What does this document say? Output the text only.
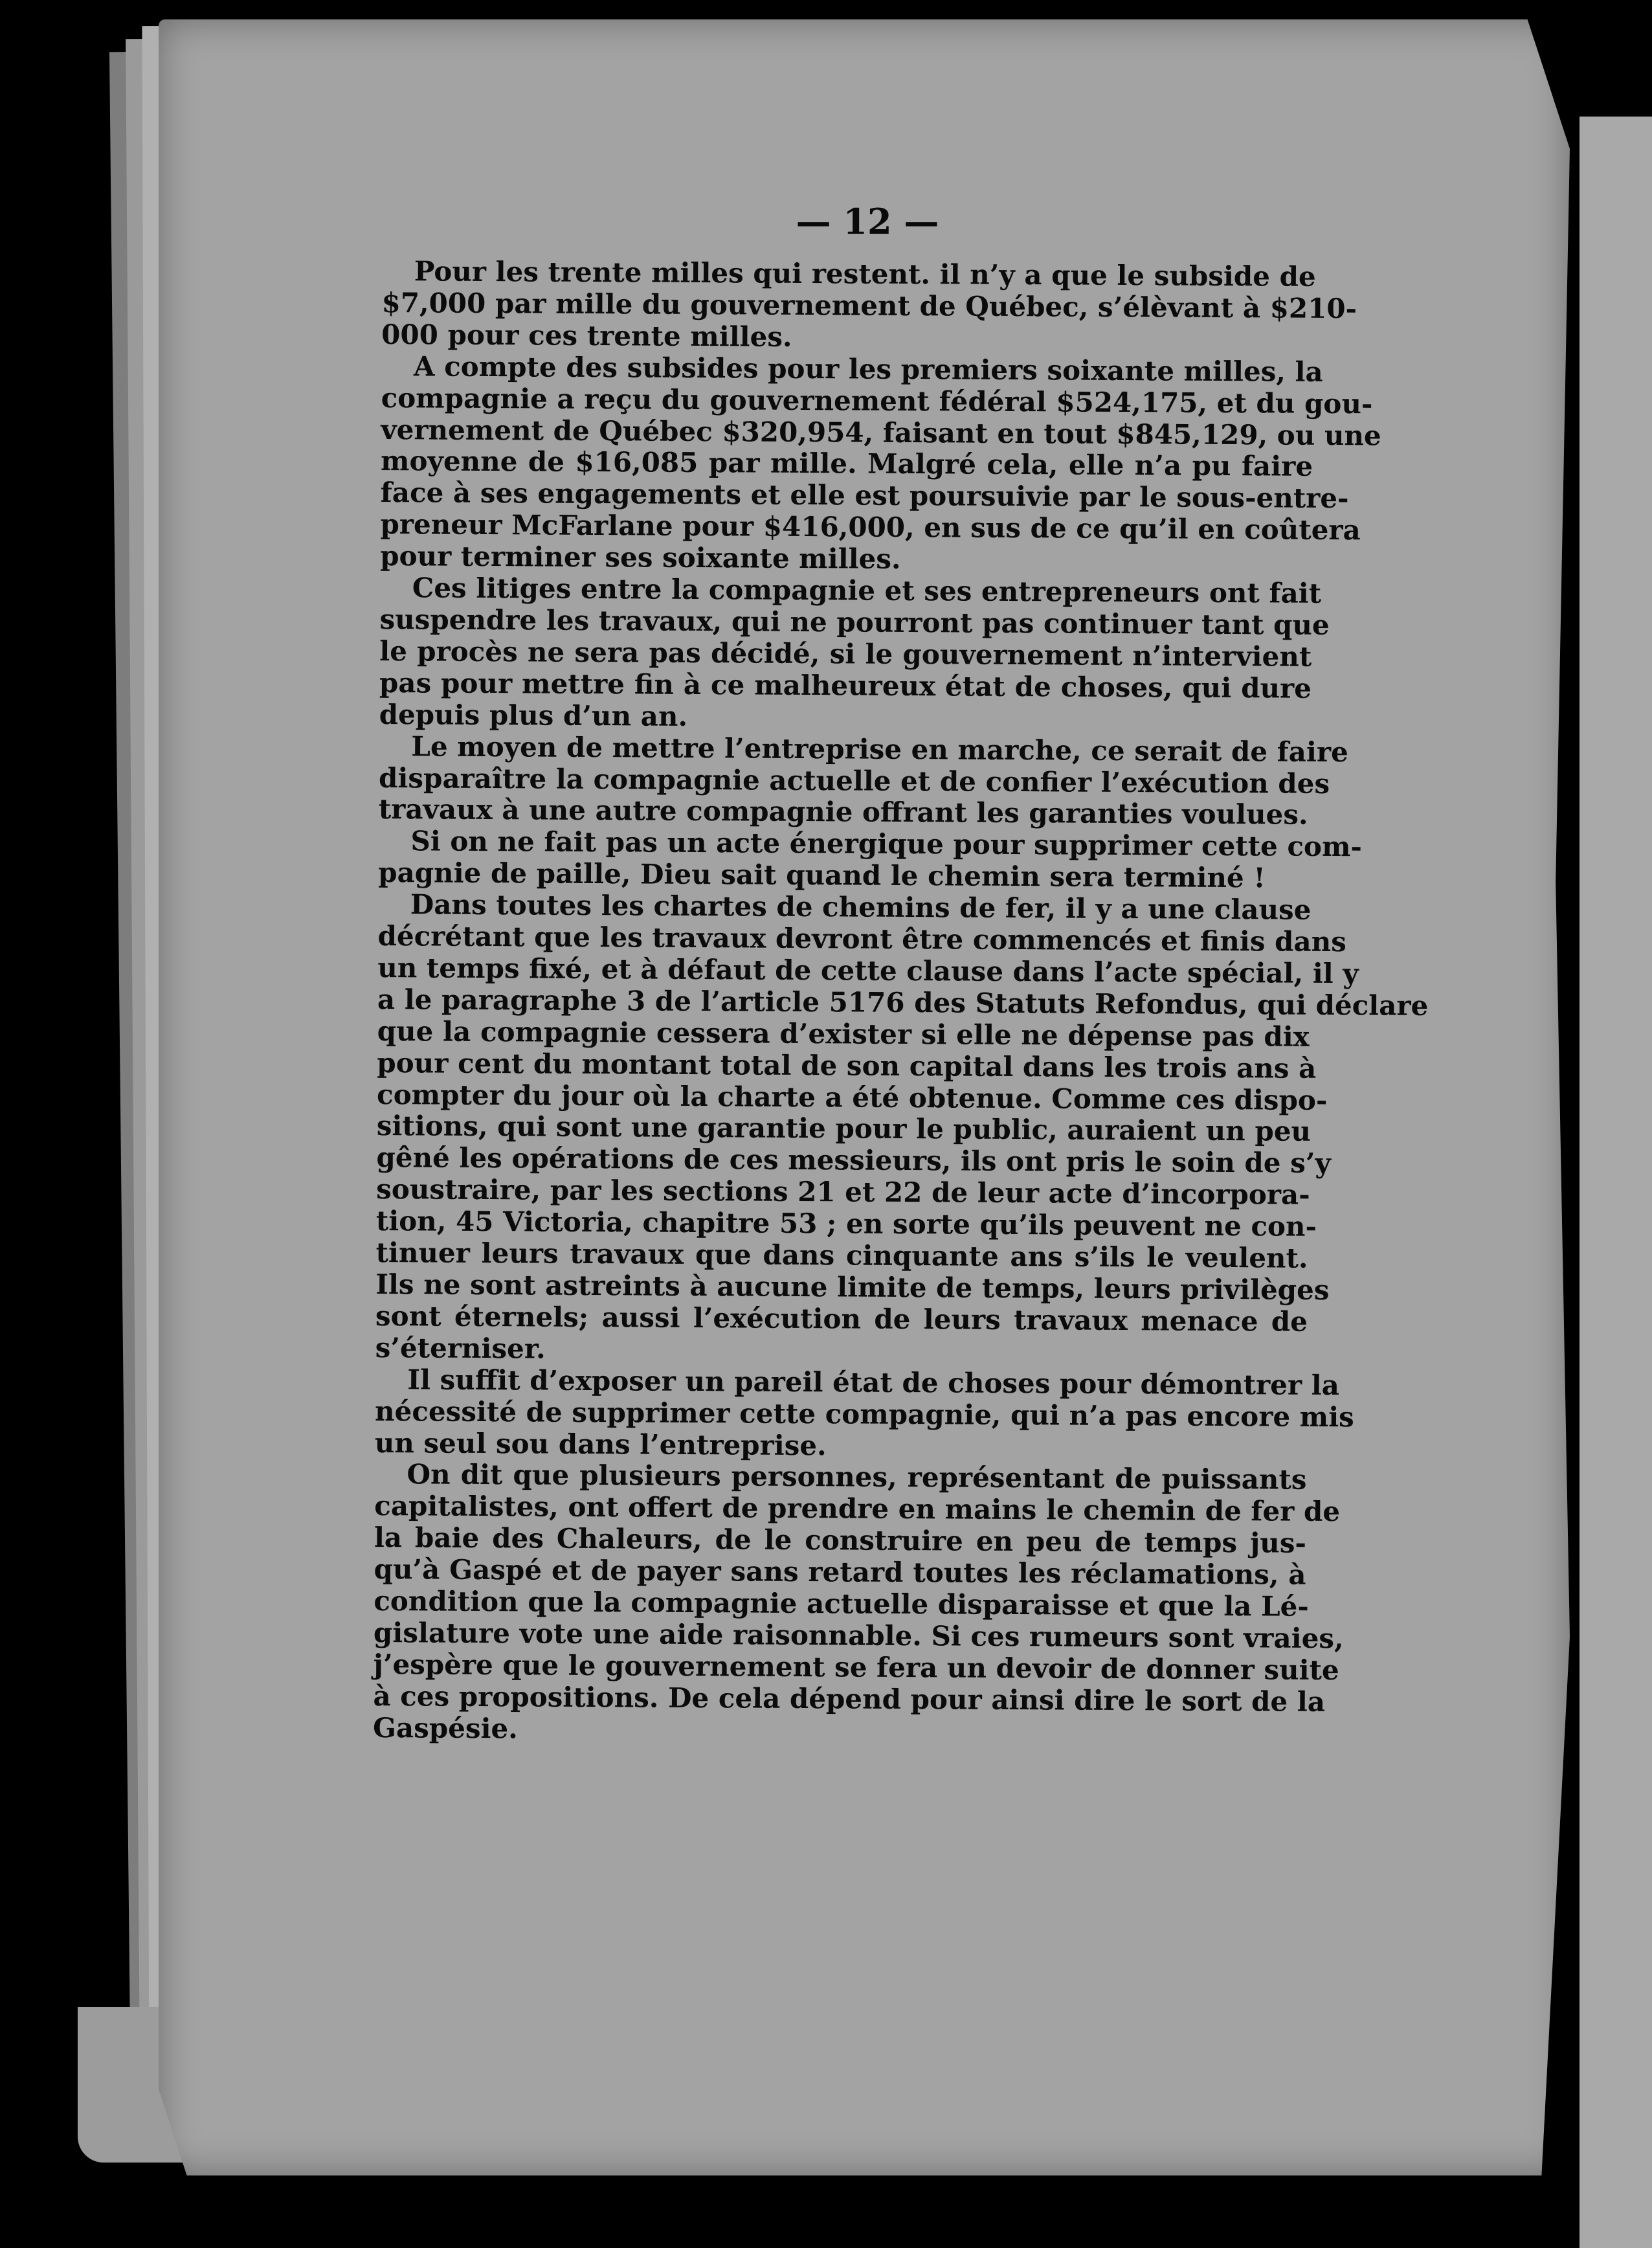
— 12 —
Pour les trente milles qui restent. il n’y a que le subside de
$7,000 par mille du gouvernement de Québec, s’élèvant à $210-
000 pour ces trente milles.
A compte des subsides pour les premiers soixante milles, la
compagnie a reçu du gouvernement fédéral $524,175, et du gou-
vernement de Québec $320,954, faisant en tout $845,129, ou une
moyenne de $16,085 par mille. Malgré cela, elle n’a pu faire
face à ses engagements et elle est poursuivie par le sous-entre-
preneur McFarlane pour $416,000, en sus de ce qu’il en coûtera
pour terminer ses soixante milles.
Ces litiges entre la compagnie et ses entrepreneurs ont fait
suspendre les travaux, qui ne pourront pas continuer tant que
le procès ne sera pas décidé, si le gouvernement n’intervient
pas pour mettre fin à ce malheureux état de choses, qui dure
depuis plus d’un an.
Le moyen de mettre l’entreprise en marche, ce serait de faire
disparaître la compagnie actuelle et de confier l’exécution des
travaux à une autre compagnie offrant les garanties voulues.
Si on ne fait pas un acte énergique pour supprimer cette com-
pagnie de paille, Dieu sait quand le chemin sera terminé !
Dans toutes les chartes de chemins de fer, il y a une clause
décrétant que les travaux devront être commencés et finis dans
un temps fixé, et à défaut de cette clause dans l’acte spécial, il y
a le paragraphe 3 de l’article 5176 des Statuts Refondus, qui déclare
que la compagnie cessera d’exister si elle ne dépense pas dix
pour cent du montant total de son capital dans les trois ans à
compter du jour où la charte a été obtenue. Comme ces dispo-
sitions, qui sont une garantie pour le public, auraient un peu
gêné les opérations de ces messieurs, ils ont pris le soin de s’y
soustraire, par les sections 21 et 22 de leur acte d’incorpora-
tion, 45 Victoria, chapitre 53 ; en sorte qu’ils peuvent ne con-
tinuer leurs travaux que dans cinquante ans s’ils le veulent.
Ils ne sont astreints à aucune limite de temps, leurs privilèges
sont éternels; aussi l’exécution de leurs travaux menace de
s’éterniser.
Il suffit d’exposer un pareil état de choses pour démontrer la
nécessité de supprimer cette compagnie, qui n’a pas encore mis
un seul sou dans l’entreprise.
On dit que plusieurs personnes, représentant de puissants
capitalistes, ont offert de prendre en mains le chemin de fer de
la baie des Chaleurs, de le construire en peu de temps jus-
qu’à Gaspé et de payer sans retard toutes les réclamations, à
condition que la compagnie actuelle disparaisse et que la Lé-
gislature vote une aide raisonnable. Si ces rumeurs sont vraies,
j’espère que le gouvernement se fera un devoir de donner suite
à ces propositions. De cela dépend pour ainsi dire le sort de la
Gaspésie.
